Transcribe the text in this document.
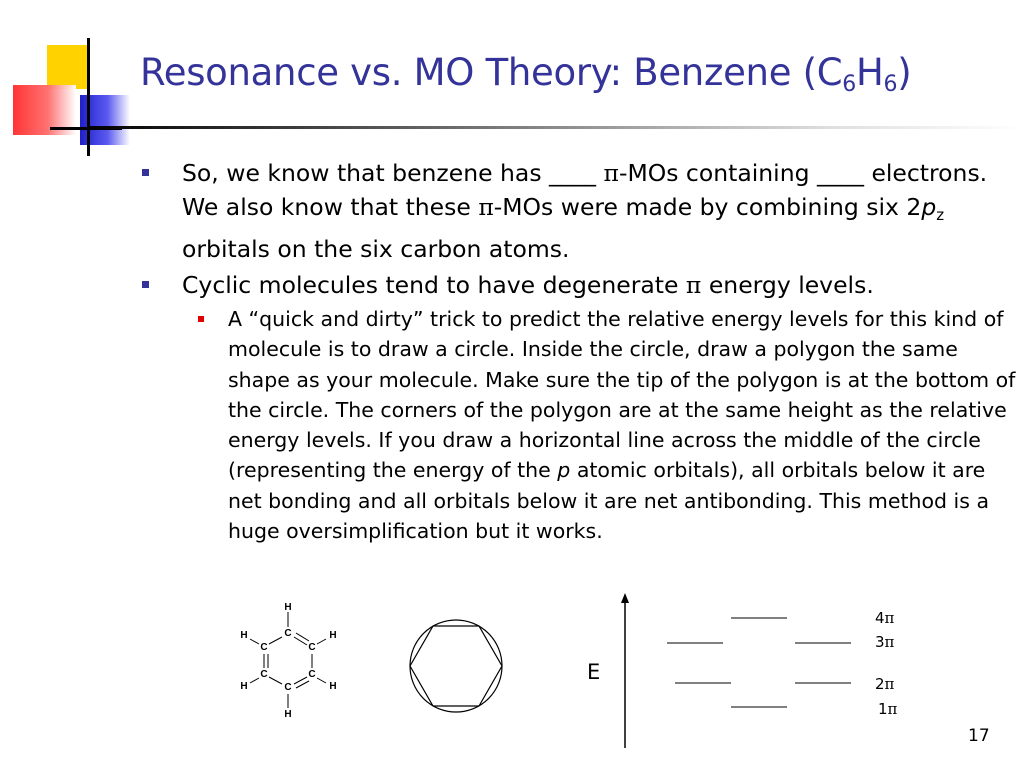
Resonance vs. MO Theory: Benzene $(C_6H_6)$
So, we know that benzene has ____ π-MOs containing ____ electrons. We also know that these π-MOs were made by combining six $2p_z$ orbitals on the six carbon atoms.
Cyclic molecules tend to have degenerate π energy levels.
A “quick and dirty” trick to predict the relative energy levels for this kind of molecule is to draw a circle. Inside the circle, draw a polygon the same shape as your molecule. Make sure the tip of the polygon is at the bottom of the circle. The corners of the polygon are at the same height as the relative energy levels. If you draw a horizontal line across the middle of the circle (representing the energy of the p atomic orbitals), all orbitals below it are net bonding and all orbitals below it are net antibonding. This method is a huge oversimplification but it works.
H
C
C
C
C
C
C
H	H
H	H
H
E
4π
3π
2π
1π
17
